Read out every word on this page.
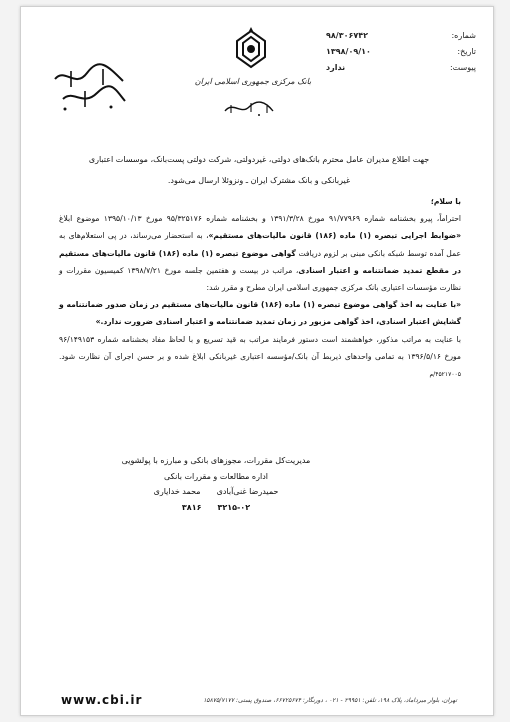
شماره:
۹۸/۳۰۶۷۴۲
تاریخ:
۱۳۹۸/۰۹/۱۰
پیوست:
ندارد
بانک مرکزی جمهوری اسلامی ایران
جهت اطلاع مدیران عامل محترم بانک‌های دولتی، غیردولتی، شرکت دولتی پست‌بانک، موسسات اعتباری
غیربانکی و بانک مشترک ایران ـ ونزوئلا ارسال می‌شود.

با سلام؛

احتراماً، پیرو بخشنامه شماره ۹۱/۷۷۹۶۹ مورخ ۱۳۹۱/۳/۲۸ و بخشنامه شماره ۹۵/۳۲۵۱۷۶ مورخ ۱۳۹۵/۱۰/۱۳ موضوع ابلاغ «ضوابط اجرایی تبصره (۱) ماده (۱۸۶) قانون مالیات‌های مستقیم»، به استحضار می‌رساند، در پی استعلام‌های به عمل آمده توسط شبکه بانکی مبنی بر لزوم دریافت گواهی موضوع تبصره (۱) ماده (۱۸۶) قانون مالیات‌های مستقیم در مقطع تمدید ضمانتنامه و اعتبار اسنادی، مراتب در بیست و هفتمین جلسه مورخ ۱۳۹۸/۷/۲۱ کمیسیون مقررات و نظارت مؤسسات اعتباری بانک مرکزی جمهوری اسلامی ایران مطرح و مقرر شد:

«با عنایت به اخذ گواهی موضوع تبصره (۱) ماده (۱۸۶) قانون مالیات‌های مستقیم در زمان صدور ضمانتنامه و گشایش اعتبار اسنادی، اخذ گواهی مزبور در زمان تمدید ضمانتنامه و اعتبار اسنادی ضرورت ندارد.»

با عنایت به مراتب مذکور، خواهشمند است دستور فرمایند مراتب به قید تسریع و با لحاظ مفاد بخشنامه شماره ۹۶/۱۴۹۱۵۳ مورخ ۱۳۹۶/۵/۱۶ به تمامی واحدهای ذیربط آن بانک/مؤسسه اعتباری غیربانکی ابلاغ شده و بر حسن اجرای آن نظارت شود. ۴۵۲۱۷۰۰۵/م

مدیریت‌کل مقررات، مجوزهای بانکی و مبارزه با پولشویی
اداره مطالعات و مقررات بانکی
حمیدرضا غنی‌آبادی
محمد خدایاری
۳۲۱۵-۰۲
۳۸۱۶
www.cbi.ir	تهران، بلوار میرداماد، پلاک ۱۹۸، تلفن: ۲۹۹۵۱ - ۰۲۱ ، دورنگار: ۶۶۷۲۵۶۷۴، صندوق پستی: ۱۵۸۷۵/۷۱۷۷
